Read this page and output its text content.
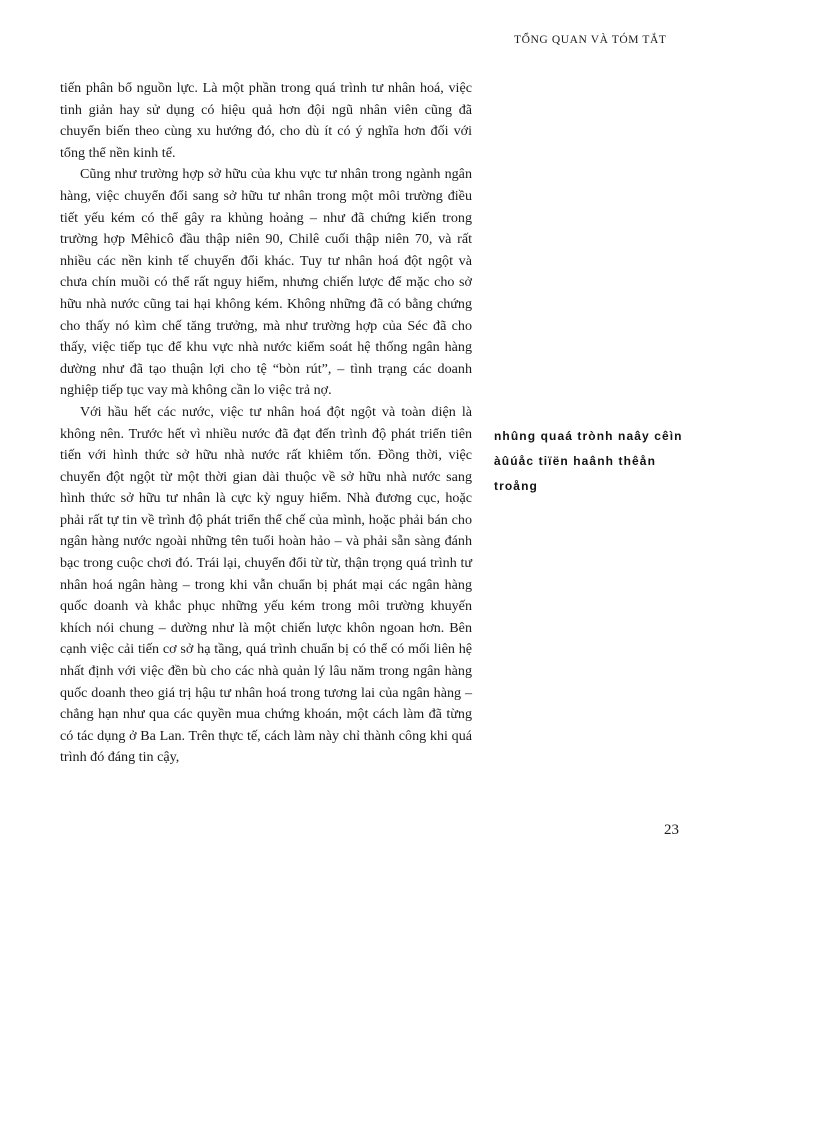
TỔNG QUAN VÀ TÓM TẮT

tiến phân bổ nguồn lực. Là một phần trong quá trình tư nhân hoá, việc tinh giản hay sử dụng có hiệu quả hơn đội ngũ nhân viên cũng đã chuyển biến theo cùng xu hướng đó, cho dù ít có ý nghĩa hơn đối với tổng thể nền kinh tế.

Cũng như trường hợp sở hữu của khu vực tư nhân trong ngành ngân hàng, việc chuyển đổi sang sở hữu tư nhân trong một môi trường điều tiết yếu kém có thể gây ra khủng hoảng – như đã chứng kiến trong trường hợp Mêhicô đầu thập niên 90, Chilê cuối thập niên 70, và rất nhiều các nền kinh tế chuyển đổi khác. Tuy tư nhân hoá đột ngột và chưa chín muồi có thể rất nguy hiểm, nhưng chiến lược để mặc cho sở hữu nhà nước cũng tai hại không kém. Không những đã có bằng chứng cho thấy nó kìm chế tăng trưởng, mà như trường hợp của Séc đã cho thấy, việc tiếp tục để khu vực nhà nước kiểm soát hệ thống ngân hàng dường như đã tạo thuận lợi cho tệ “bòn rút”, – tình trạng các doanh nghiệp tiếp tục vay mà không cần lo việc trả nợ.

Với hầu hết các nước, việc tư nhân hoá đột ngột và toàn diện là không nên. Trước hết vì nhiều nước đã đạt đến trình độ phát triển tiên tiến với hình thức sở hữu nhà nước rất khiêm tốn. Đồng thời, việc chuyển đột ngột từ một thời gian dài thuộc về sở hữu nhà nước sang hình thức sở hữu tư nhân là cực kỳ nguy hiểm. Nhà đương cục, hoặc phải rất tự tin về trình độ phát triển thể chế của mình, hoặc phải bán cho ngân hàng nước ngoài những tên tuổi hoàn hảo – và phải sẵn sàng đánh bạc trong cuộc chơi đó. Trái lại, chuyển đổi từ từ, thận trọng quá trình tư nhân hoá ngân hàng – trong khi vẫn chuẩn bị phát mại các ngân hàng quốc doanh và khắc phục những yếu kém trong môi trường khuyến khích nói chung – dường như là một chiến lược khôn ngoan hơn. Bên cạnh việc cải tiến cơ sở hạ tầng, quá trình chuẩn bị có thể có mối liên hệ nhất định với việc đền bù cho các nhà quản lý lâu năm trong ngân hàng quốc doanh theo giá trị hậu tư nhân hoá trong tương lai của ngân hàng – chẳng hạn như qua các quyền mua chứng khoán, một cách làm đã từng có tác dụng ở Ba Lan. Trên thực tế, cách làm này chỉ thành công khi quá trình đó đáng tin cậy,

nhûng quaá trònh naây cêìn
àûúåc tiïën haânh thêån
troång
23
